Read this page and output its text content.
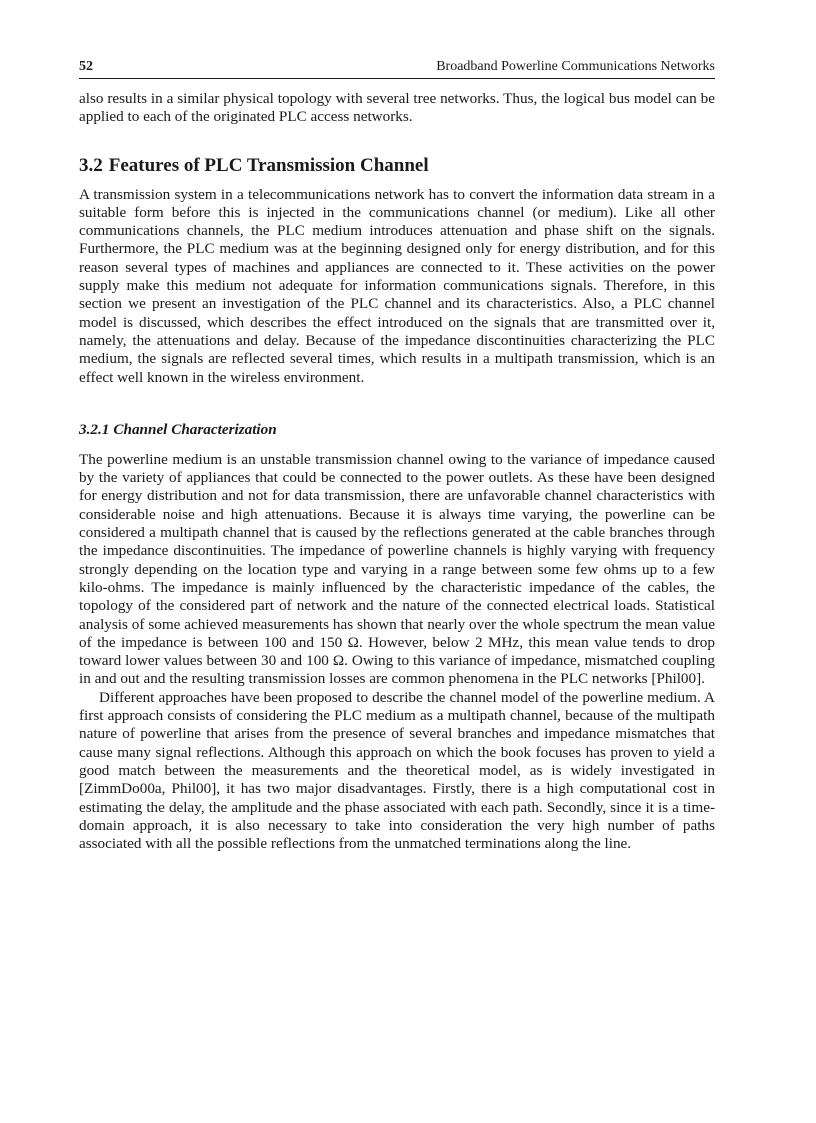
52	Broadband Powerline Communications Networks

also results in a similar physical topology with several tree networks. Thus, the logical bus model can be applied to each of the originated PLC access networks.

3.2 Features of PLC Transmission Channel

A transmission system in a telecommunications network has to convert the information data stream in a suitable form before this is injected in the communications channel (or medium). Like all other communications channels, the PLC medium introduces attenuation and phase shift on the signals. Furthermore, the PLC medium was at the beginning designed only for energy distribution, and for this reason several types of machines and appliances are connected to it. These activities on the power supply make this medium not adequate for information communications signals. Therefore, in this section we present an investigation of the PLC channel and its characteristics. Also, a PLC channel model is discussed, which describes the effect introduced on the signals that are transmitted over it, namely, the attenuations and delay. Because of the impedance discontinuities characterizing the PLC medium, the signals are reflected several times, which results in a multipath transmission, which is an effect well known in the wireless environment.

3.2.1 Channel Characterization

The powerline medium is an unstable transmission channel owing to the variance of impedance caused by the variety of appliances that could be connected to the power outlets. As these have been designed for energy distribution and not for data transmission, there are unfavorable channel characteristics with considerable noise and high attenuations. Because it is always time varying, the powerline can be considered a multipath channel that is caused by the reflections generated at the cable branches through the impedance discontinuities. The impedance of powerline channels is highly varying with frequency strongly depending on the location type and varying in a range between some few ohms up to a few kilo-ohms. The impedance is mainly influenced by the characteristic impedance of the cables, the topology of the considered part of network and the nature of the connected electrical loads. Statistical analysis of some achieved measurements has shown that nearly over the whole spectrum the mean value of the impedance is between 100 and 150 Ω. However, below 2 MHz, this mean value tends to drop toward lower values between 30 and 100 Ω. Owing to this variance of impedance, mismatched coupling in and out and the resulting transmission losses are common phenomena in the PLC networks [Phil00].

Different approaches have been proposed to describe the channel model of the powerline medium. A first approach consists of considering the PLC medium as a multipath channel, because of the multipath nature of powerline that arises from the presence of several branches and impedance mismatches that cause many signal reflections. Although this approach on which the book focuses has proven to yield a good match between the measurements and the theoretical model, as is widely investigated in [ZimmDo00a, Phil00], it has two major disadvantages. Firstly, there is a high computational cost in estimating the delay, the amplitude and the phase associated with each path. Secondly, since it is a time-domain approach, it is also necessary to take into consideration the very high number of paths associated with all the possible reflections from the unmatched terminations along the line.
